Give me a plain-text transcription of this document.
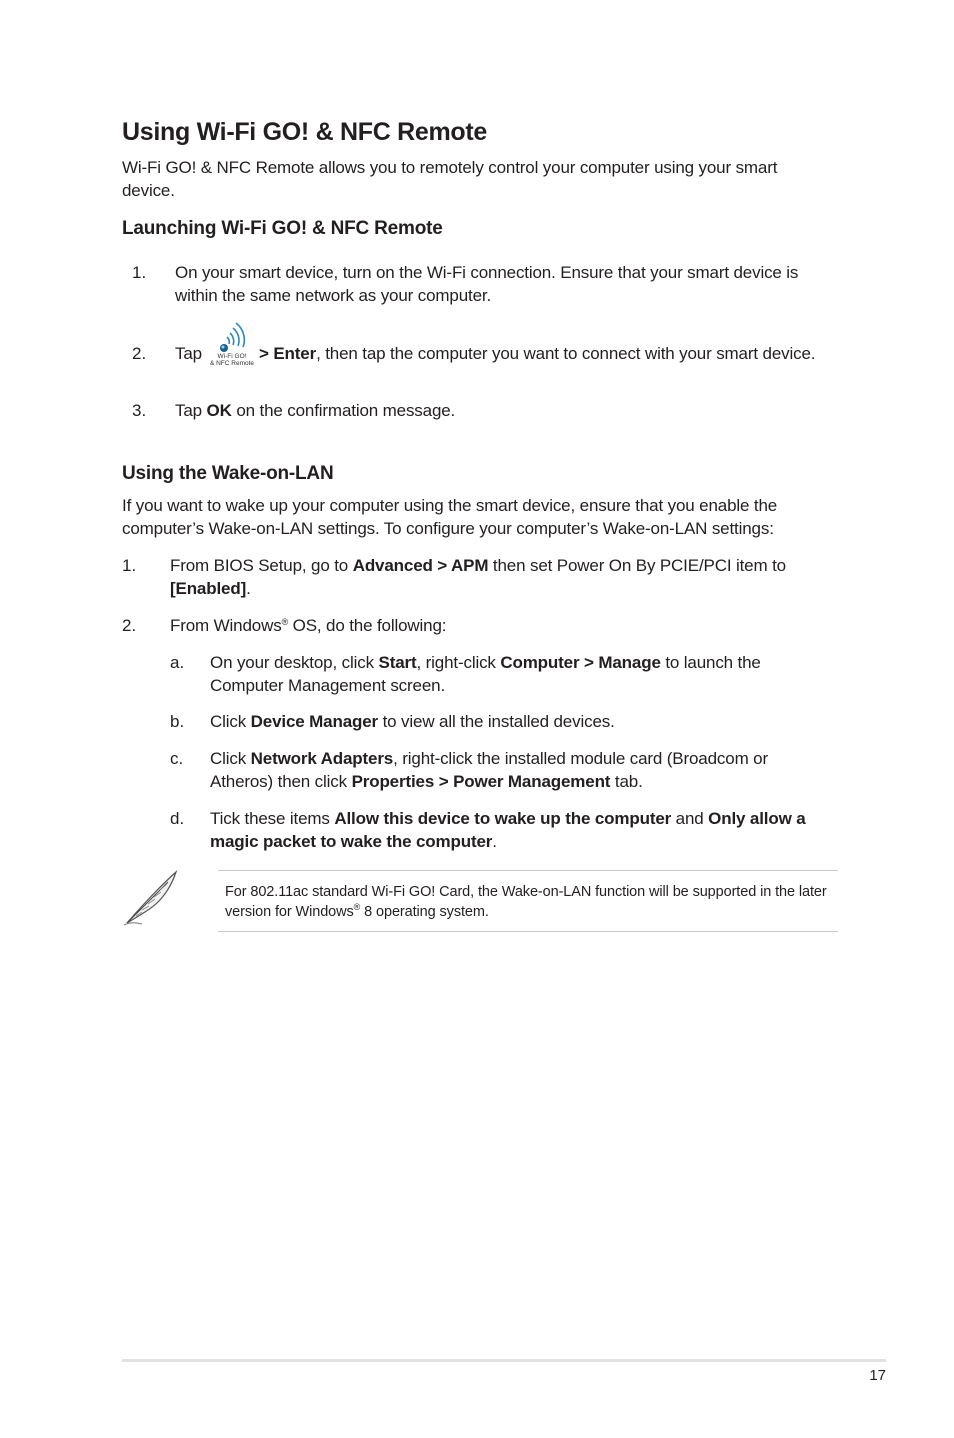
Using Wi-Fi GO! & NFC Remote

Wi-Fi GO! & NFC Remote allows you to remotely control your computer using your smart device.

Launching Wi-Fi GO! & NFC Remote
1. On your smart device, turn on the Wi-Fi connection. Ensure that your smart device is within the same network as your computer.
2. Tap	Wi-Fi GO!
& NFC Remote
> Enter, then tap the computer you want to connect with your smart device.
3. Tap OK on the confirmation message.
Using the Wake-on-LAN

If you want to wake up your computer using the smart device, ensure that you enable the computer’s Wake-on-LAN settings. To configure your computer’s Wake-on-LAN settings:

1. From BIOS Setup, go to Advanced > APM then set Power On By PCIE/PCI item to [Enabled].
2. From Windows® OS, do the following:
a. On your desktop, click Start, right-click Computer > Manage to launch the Computer Management screen.
b. Click Device Manager to view all the installed devices.
c. Click Network Adapters, right-click the installed module card (Broadcom or Atheros) then click Properties > Power Management tab.
d. Tick these items Allow this device to wake up the computer and Only allow a magic packet to wake the computer.
For 802.11ac standard Wi-Fi GO! Card, the Wake-on-LAN function will be supported in the later version for Windows® 8 operating system.
17
